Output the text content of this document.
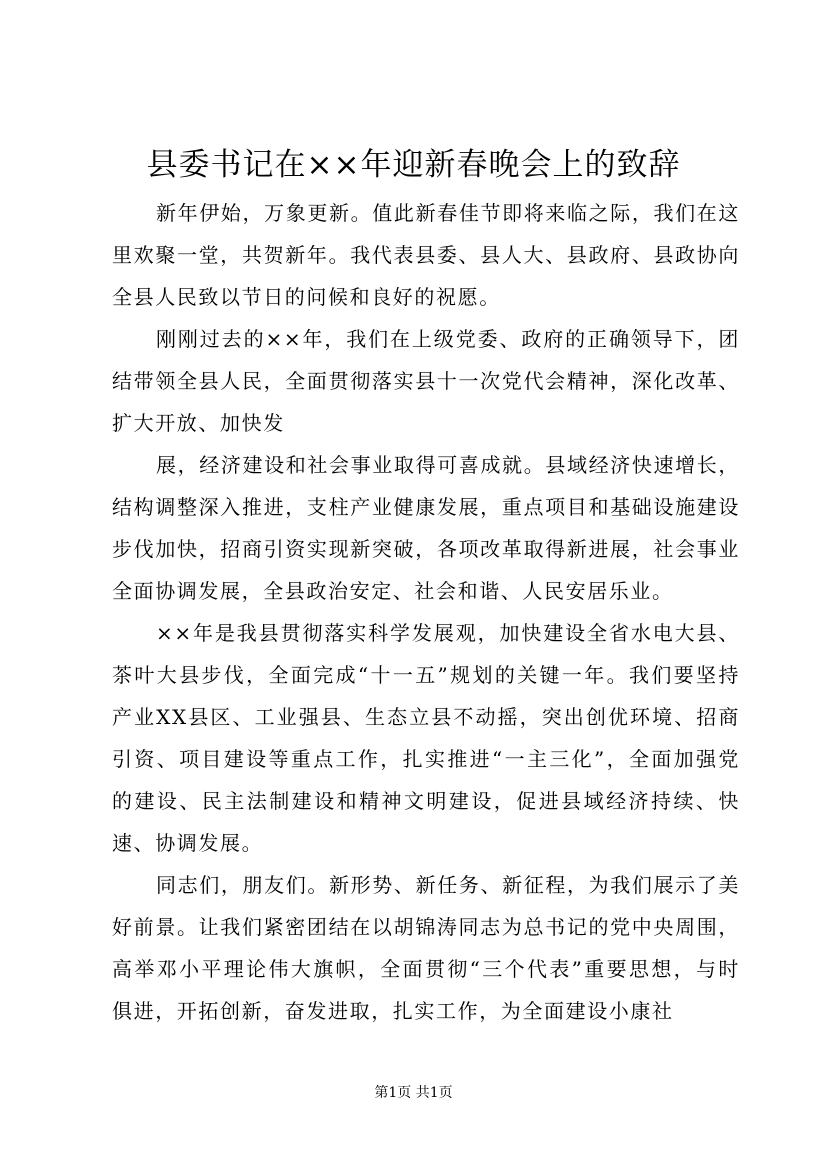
县委书记在××年迎新春晚会上的致辞

新年伊始，万象更新。值此新春佳节即将来临之际，我们在这里欢聚一堂，共贺新年。我代表县委、县人大、县政府、县政协向全县人民致以节日的问候和良好的祝愿。

刚刚过去的××年，我们在上级党委、政府的正确领导下，团结带领全县人民，全面贯彻落实县十一次党代会精神，深化改革、扩大开放、加快发

展，经济建设和社会事业取得可喜成就。县域经济快速增长，结构调整深入推进，支柱产业健康发展，重点项目和基础设施建设步伐加快，招商引资实现新突破，各项改革取得新进展，社会事业全面协调发展，全县政治安定、社会和谐、人民安居乐业。

××年是我县贯彻落实科学发展观，加快建设全省水电大县、茶叶大县步伐，全面完成“十一五”规划的关键一年。我们要坚持产业XX县区、工业强县、生态立县不动摇，突出创优环境、招商引资、项目建设等重点工作，扎实推进“一主三化”，全面加强党的建设、民主法制建设和精神文明建设，促进县域经济持续、快速、协调发展。

同志们，朋友们。新形势、新任务、新征程，为我们展示了美好前景。让我们紧密团结在以胡锦涛同志为总书记的党中央周围，高举邓小平理论伟大旗帜，全面贯彻“三个代表”重要思想，与时俱进，开拓创新，奋发进取，扎实工作，为全面建设小康社

第1页 共1页
